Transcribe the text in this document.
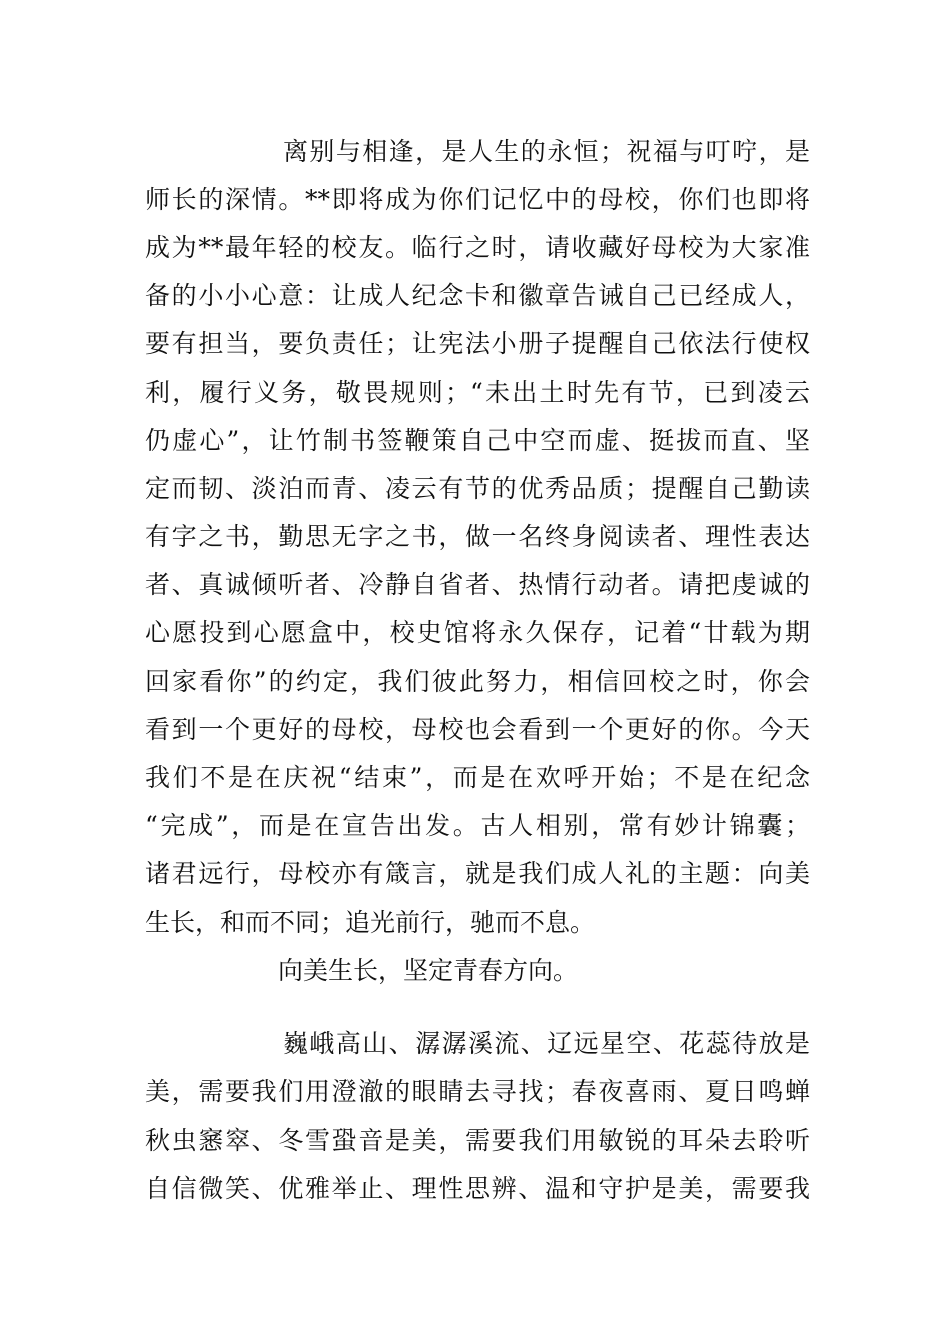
离别与相逢，是人生的永恒；祝福与叮咛，是
师长的深情。**即将成为你们记忆中的母校，你们也即将
成为**最年轻的校友。临行之时，请收藏好母校为大家准
备的小小心意：让成人纪念卡和徽章告诫自己已经成人，
要有担当，要负责任；让宪法小册子提醒自己依法行使权
利，履行义务，敬畏规则；“未出土时先有节，已到凌云
仍虚心”，让竹制书签鞭策自己中空而虚、挺拔而直、坚
定而韧、淡泊而青、凌云有节的优秀品质；提醒自己勤读
有字之书，勤思无字之书，做一名终身阅读者、理性表达
者、真诚倾听者、冷静自省者、热情行动者。请把虔诚的
心愿投到心愿盒中，校史馆将永久保存，记着“廿载为期
回家看你”的约定，我们彼此努力，相信回校之时，你会
看到一个更好的母校，母校也会看到一个更好的你。今天
我们不是在庆祝“结束”，而是在欢呼开始；不是在纪念
“完成”，而是在宣告出发。古人相别，常有妙计锦囊；
诸君远行，母校亦有箴言，就是我们成人礼的主题：向美
生长，和而不同；追光前行，驰而不息。
向美生长，坚定青春方向。
巍峨高山、潺潺溪流、辽远星空、花蕊待放是
美，需要我们用澄澈的眼睛去寻找；春夜喜雨、夏日鸣蝉
秋虫窸窣、冬雪蛩音是美，需要我们用敏锐的耳朵去聆听
自信微笑、优雅举止、理性思辨、温和守护是美，需要我
